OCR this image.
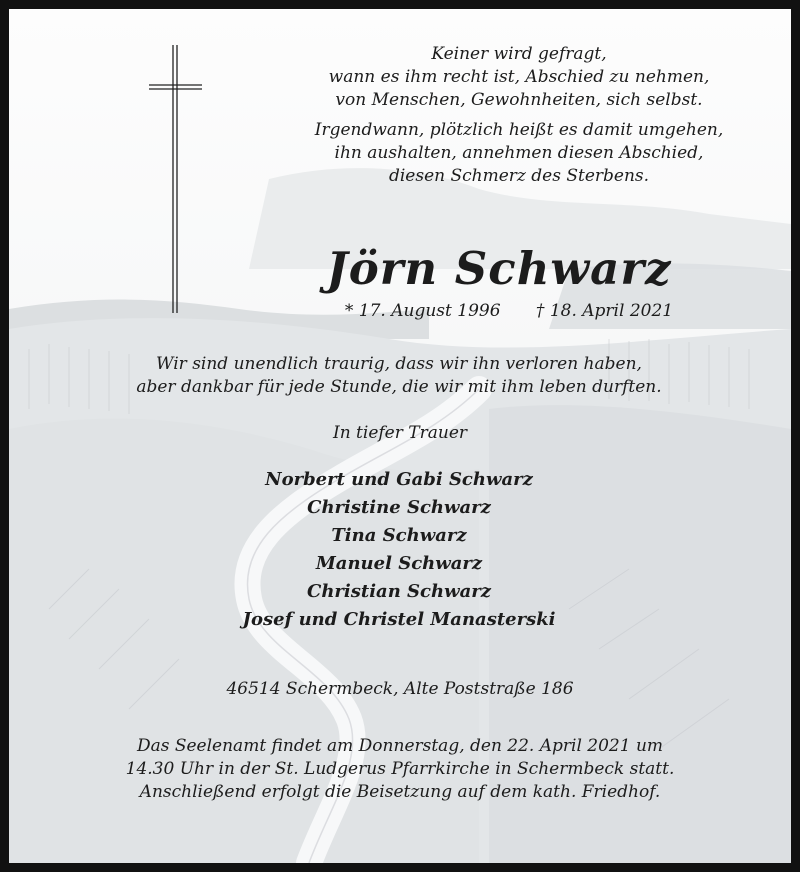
Keiner wird gefragt,
wann es ihm recht ist, Abschied zu nehmen,
von Menschen, Gewohnheiten, sich selbst.
Irgendwann, plötzlich heißt es damit umgehen,
ihn aushalten, annehmen diesen Abschied,
diesen Schmerz des Sterbens.
Jörn Schwarz
* 17. August 1996 † 18. April 2021
Wir sind unendlich traurig, dass wir ihn verloren haben,
aber dankbar für jede Stunde, die wir mit ihm leben durften.
In tiefer Trauer
Norbert und Gabi Schwarz
Christine Schwarz
Tina Schwarz
Manuel Schwarz
Christian Schwarz
Josef und Christel Manasterski
46514 Schermbeck, Alte Poststraße 186
Das Seelenamt findet am Donnerstag, den 22. April 2021 um
14.30 Uhr in der St. Ludgerus Pfarrkirche in Schermbeck statt.
Anschließend erfolgt die Beisetzung auf dem kath. Friedhof.
